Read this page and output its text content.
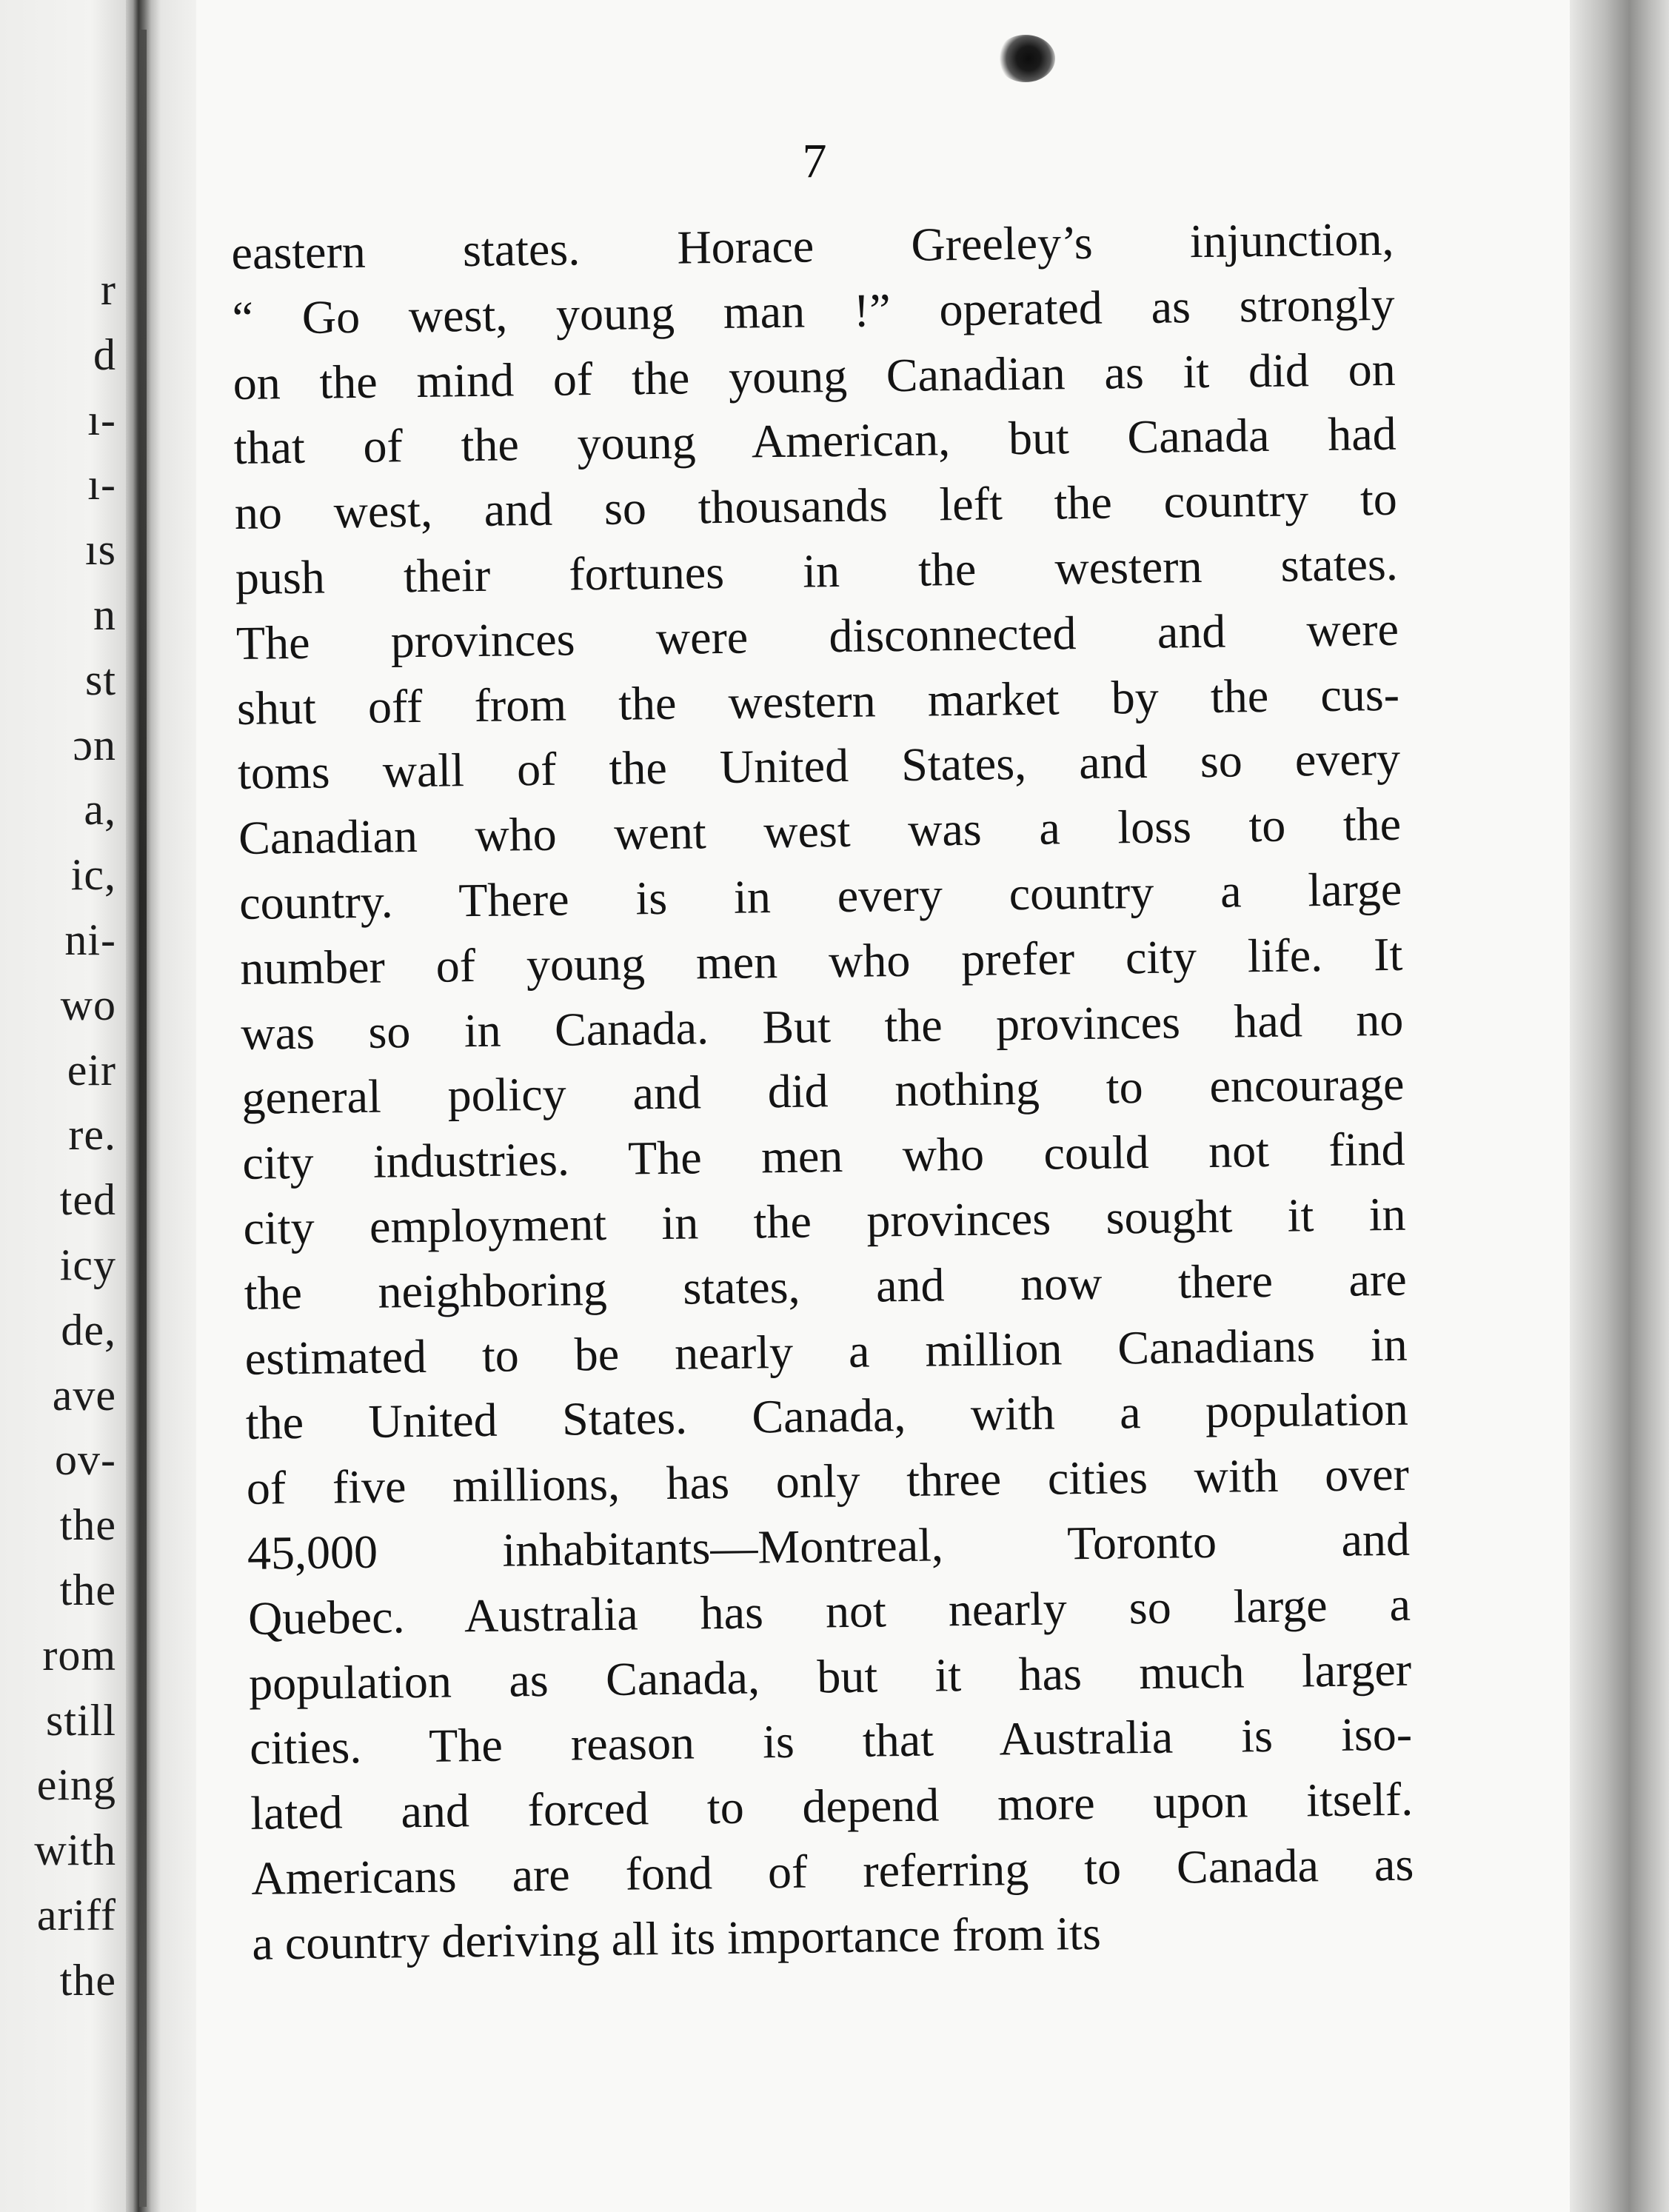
r
d
ı-
ı-
ıs
n
st
ɔn
a,
ic,
ni-
wo
eir
re.
ted
icy
de,
ave
ov-
the
the
rom
still
eing
with
ariff
the
7
eastern states. Horace Greeley’s injunction,
“ Go west, young man !” operated as strongly
on the mind of the young Canadian as it did on
that of the young American, but Canada had
no west, and so thousands left the country to
push their fortunes in the western states.
The provinces were disconnected and were
shut off from the western market by the cus-
toms wall of the United States, and so every
Canadian who went west was a loss to the
country. There is in every country a large
number of young men who prefer city life. It
was so in Canada. But the provinces had no
general policy and did nothing to encourage
city industries. The men who could not find
city employment in the provinces sought it in
the neighboring states, and now there are
estimated to be nearly a million Canadians in
the United States. Canada, with a population
of five millions, has only three cities with over
45,000 inhabitants—Montreal, Toronto and
Quebec. Australia has not nearly so large a
population as Canada, but it has much larger
cities. The reason is that Australia is iso-
lated and forced to depend more upon itself.
Americans are fond of referring to Canada as
a country deriving all its importance from its
